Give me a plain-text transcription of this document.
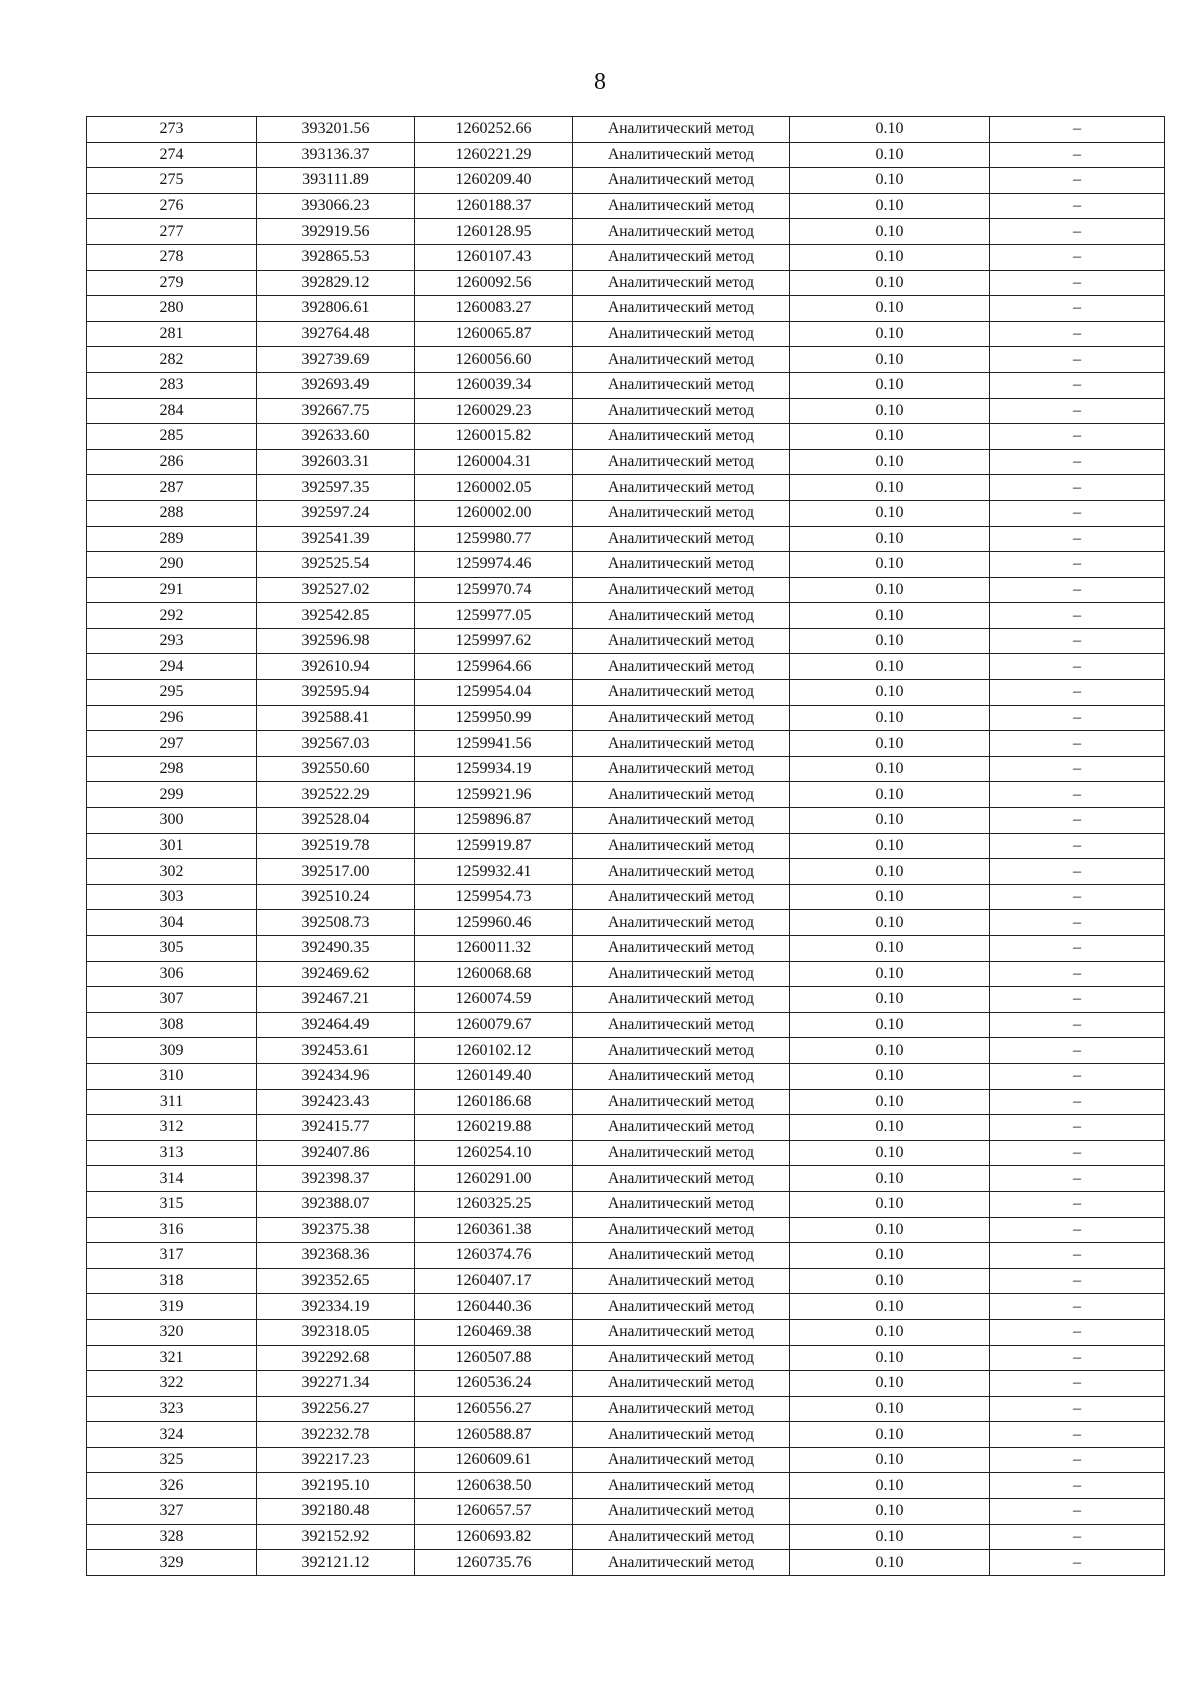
8
273	393201.56	1260252.66	Аналитический метод	0.10	–
274	393136.37	1260221.29	Аналитический метод	0.10	–
275	393111.89	1260209.40	Аналитический метод	0.10	–
276	393066.23	1260188.37	Аналитический метод	0.10	–
277	392919.56	1260128.95	Аналитический метод	0.10	–
278	392865.53	1260107.43	Аналитический метод	0.10	–
279	392829.12	1260092.56	Аналитический метод	0.10	–
280	392806.61	1260083.27	Аналитический метод	0.10	–
281	392764.48	1260065.87	Аналитический метод	0.10	–
282	392739.69	1260056.60	Аналитический метод	0.10	–
283	392693.49	1260039.34	Аналитический метод	0.10	–
284	392667.75	1260029.23	Аналитический метод	0.10	–
285	392633.60	1260015.82	Аналитический метод	0.10	–
286	392603.31	1260004.31	Аналитический метод	0.10	–
287	392597.35	1260002.05	Аналитический метод	0.10	–
288	392597.24	1260002.00	Аналитический метод	0.10	–
289	392541.39	1259980.77	Аналитический метод	0.10	–
290	392525.54	1259974.46	Аналитический метод	0.10	–
291	392527.02	1259970.74	Аналитический метод	0.10	–
292	392542.85	1259977.05	Аналитический метод	0.10	–
293	392596.98	1259997.62	Аналитический метод	0.10	–
294	392610.94	1259964.66	Аналитический метод	0.10	–
295	392595.94	1259954.04	Аналитический метод	0.10	–
296	392588.41	1259950.99	Аналитический метод	0.10	–
297	392567.03	1259941.56	Аналитический метод	0.10	–
298	392550.60	1259934.19	Аналитический метод	0.10	–
299	392522.29	1259921.96	Аналитический метод	0.10	–
300	392528.04	1259896.87	Аналитический метод	0.10	–
301	392519.78	1259919.87	Аналитический метод	0.10	–
302	392517.00	1259932.41	Аналитический метод	0.10	–
303	392510.24	1259954.73	Аналитический метод	0.10	–
304	392508.73	1259960.46	Аналитический метод	0.10	–
305	392490.35	1260011.32	Аналитический метод	0.10	–
306	392469.62	1260068.68	Аналитический метод	0.10	–
307	392467.21	1260074.59	Аналитический метод	0.10	–
308	392464.49	1260079.67	Аналитический метод	0.10	–
309	392453.61	1260102.12	Аналитический метод	0.10	–
310	392434.96	1260149.40	Аналитический метод	0.10	–
311	392423.43	1260186.68	Аналитический метод	0.10	–
312	392415.77	1260219.88	Аналитический метод	0.10	–
313	392407.86	1260254.10	Аналитический метод	0.10	–
314	392398.37	1260291.00	Аналитический метод	0.10	–
315	392388.07	1260325.25	Аналитический метод	0.10	–
316	392375.38	1260361.38	Аналитический метод	0.10	–
317	392368.36	1260374.76	Аналитический метод	0.10	–
318	392352.65	1260407.17	Аналитический метод	0.10	–
319	392334.19	1260440.36	Аналитический метод	0.10	–
320	392318.05	1260469.38	Аналитический метод	0.10	–
321	392292.68	1260507.88	Аналитический метод	0.10	–
322	392271.34	1260536.24	Аналитический метод	0.10	–
323	392256.27	1260556.27	Аналитический метод	0.10	–
324	392232.78	1260588.87	Аналитический метод	0.10	–
325	392217.23	1260609.61	Аналитический метод	0.10	–
326	392195.10	1260638.50	Аналитический метод	0.10	–
327	392180.48	1260657.57	Аналитический метод	0.10	–
328	392152.92	1260693.82	Аналитический метод	0.10	–
329	392121.12	1260735.76	Аналитический метод	0.10	–
